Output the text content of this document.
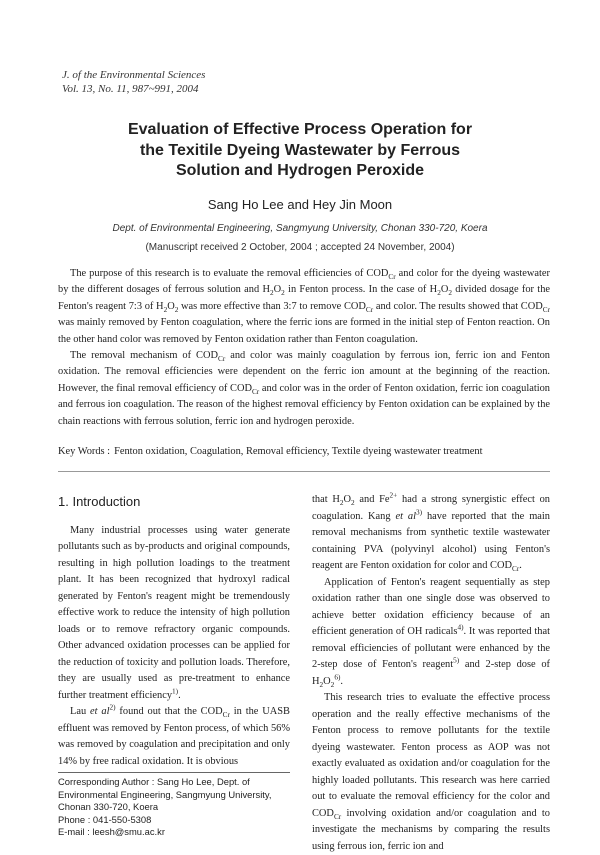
J. of the Environmental Sciences
Vol. 13, No. 11, 987~991, 2004
Evaluation of Effective Process Operation for
the Texitile Dyeing Wastewater by Ferrous
Solution and Hydrogen Peroxide
Sang Ho Lee and Hey Jin Moon
Dept. of Environmental Engineering, Sangmyung University, Chonan 330-720, Koera
(Manuscript received 2 October, 2004 ; accepted 24 November, 2004)

The purpose of this research is to evaluate the removal efficiencies of $COD_{Cr}$ and color for the dyeing wastewater by the different dosages of ferrous solution and $H_2O_2$ in Fenton process. In the case of $H_2O_2$ divided dosage for the Fenton's reagent 7:3 of $H_2O_2$ was more effective than 3:7 to remove $COD_{Cr}$ and color. The results showed that $COD_{Cr}$ was mainly removed by Fenton coagulation, where the ferric ions are formed in the initial step of Fenton reaction. On the other hand color was removed by Fenton oxidation rather than Fenton coagulation.

The removal mechanism of $COD_{Cr}$ and color was mainly coagulation by ferrous ion, ferric ion and Fenton oxidation. The removal efficiencies were dependent on the ferric ion amount at the beginning of the reaction. However, the final removal efficiency of $COD_{Cr}$ and color was in the order of Fenton oxidation, ferric ion coagulation and ferrous ion coagulation. The reason of the highest removal efficiency by Fenton oxidation can be explained by the chain reactions with ferrous solution, ferric ion and hydrogen peroxide.

Key Words : Fenton oxidation, Coagulation, Removal efficiency, Textile dyeing wastewater treatment
1. Introduction

Many industrial processes using water generate pollutants such as by-products and original compounds, resulting in high pollution loadings to the treatment plant. It has been recognized that hydroxyl radical generated by Fenton's reagent might be tremendously effective work to reduce the intensity of high pollution loads or to remove refractory organic compounds. Other advanced oxidation processes can be applied for the reduction of toxicity and pollution loads. Therefore, they are usually used as pre-treatment to enhance further treatment efficiency$^{1)}$.

Lau et $al^{2)}$ found out that the $COD_{Cr}$ in the UASB effluent was removed by Fenton process, of which 56% was removed by coagulation and precipitation and only 14% by free radical oxidation. It is obvious

that $H_2O_2$ and $Fe^{2+}$ had a strong synergistic effect on coagulation. Kang et $al^{3)}$ have reported that the main removal mechanisms from synthetic textile wastewater containing PVA (polyvinyl alcohol) using Fenton's reagent are Fenton oxidation for color and $COD_{Cr}$.

Application of Fenton's reagent sequentially as step oxidation rather than one single dose was observed to achieve better oxidation efficiency because of an efficient generation of OH radicals$^{4)}$. It was reported that removal efficiencies of pollutant were enhanced by the 2-step dose of Fenton's reagent$^{5)}$ and 2-step dose of $H_2O_2^{6)}$.

This research tries to evaluate the effective process operation and the really effective mechanisms of the Fenton process to remove pollutants for the textile dyeing wastewater. Fenton process as AOP was not exactly evaluated as oxidation and/or coagulation for the highly loaded pollutants. This research was here carried out to evaluate the removal efficiency for the color and $COD_{Cr}$ involving oxidation and/or coagulation and to investigate the mechanisms by comparing the results using ferrous ion, ferric ion and

Corresponding Author : Sang Ho Lee, Dept. of Environmental Engineering, Sangmyung University, Chonan 330-720, Koera
Phone : 041-550-5308
E-mail : leesh@smu.ac.kr
